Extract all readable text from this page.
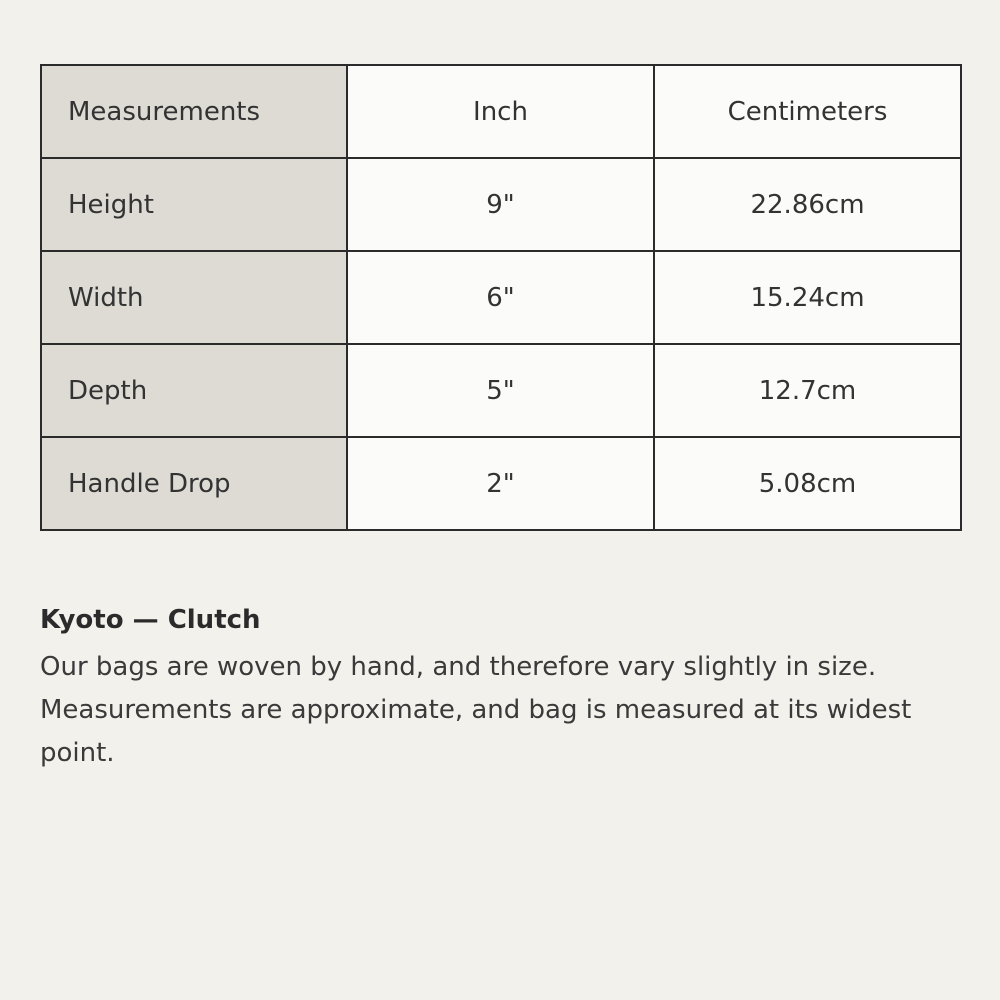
Measurements	Inch	Centimeters
Height	9"	22.86cm
Width	6"	15.24cm
Depth	5"	12.7cm
Handle Drop	2"	5.08cm

Kyoto — Clutch

Our bags are woven by hand, and therefore vary slightly in size. Measurements are approximate, and bag is measured at its widest point.
